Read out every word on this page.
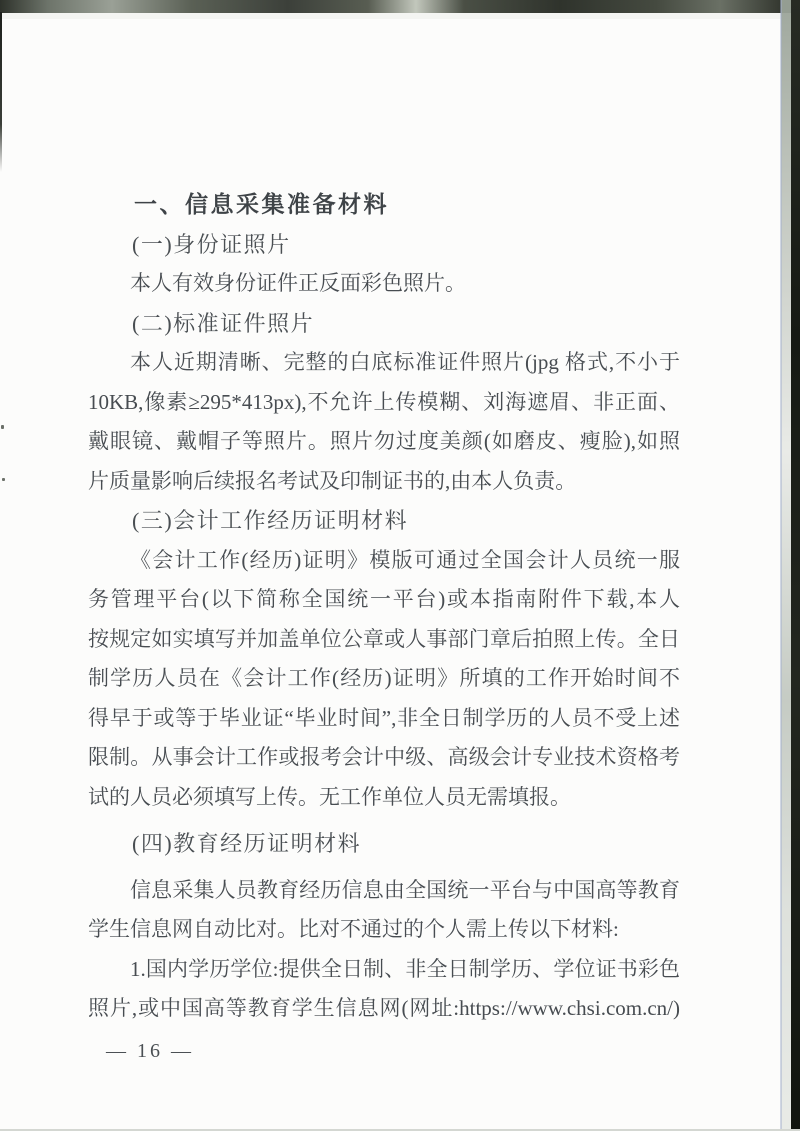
一、信息采集准备材料
(一)身份证照片
本人有效身份证件正反面彩色照片。
(二)标准证件照片
本人近期清晰、完整的白底标准证件照片(jpg 格式,不小于
10KB,像素≥295*413px),不允许上传模糊、刘海遮眉、非正面、
戴眼镜、戴帽子等照片。照片勿过度美颜(如磨皮、瘦脸),如照
片质量影响后续报名考试及印制证书的,由本人负责。
(三)会计工作经历证明材料
《会计工作(经历)证明》模版可通过全国会计人员统一服
务管理平台(以下简称全国统一平台)或本指南附件下载,本人
按规定如实填写并加盖单位公章或人事部门章后拍照上传。全日
制学历人员在《会计工作(经历)证明》所填的工作开始时间不
得早于或等于毕业证“毕业时间”,非全日制学历的人员不受上述
限制。从事会计工作或报考会计中级、高级会计专业技术资格考
试的人员必须填写上传。无工作单位人员无需填报。
(四)教育经历证明材料
信息采集人员教育经历信息由全国统一平台与中国高等教育
学生信息网自动比对。比对不通过的个人需上传以下材料:
1.国内学历学位:提供全日制、非全日制学历、学位证书彩色
照片,或中国高等教育学生信息网(网址:https://www.chsi.com.cn/)
— 16 —
